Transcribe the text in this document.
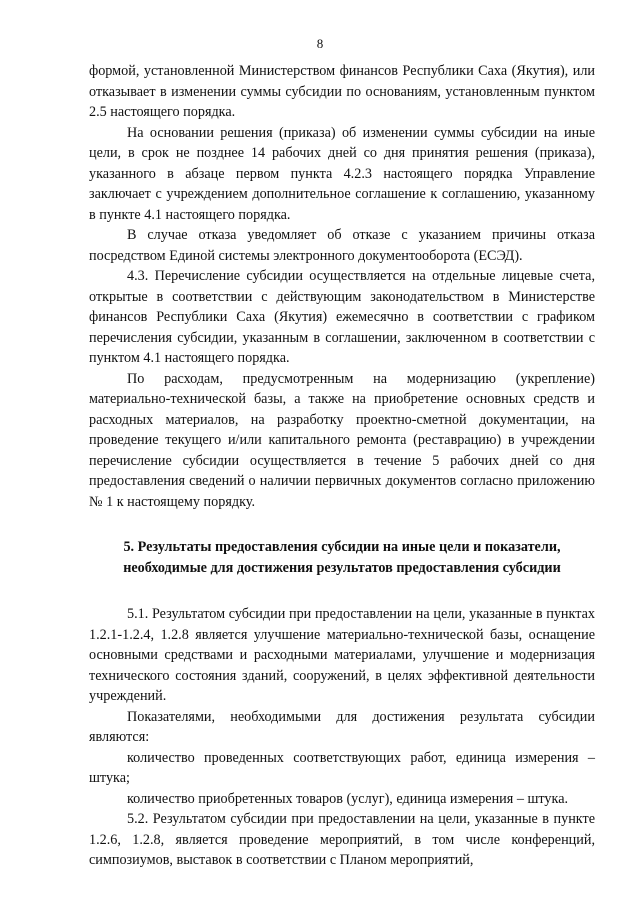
8

формой, установленной Министерством финансов Республики Саха (Якутия), или отказывает в изменении суммы субсидии по основаниям, установленным пунктом 2.5 настоящего порядка.

На основании решения (приказа) об изменении суммы субсидии на иные цели, в срок не позднее 14 рабочих дней со дня принятия решения (приказа), указанного в абзаце первом пункта 4.2.3 настоящего порядка Управление заключает с учреждением дополнительное соглашение к соглашению, указанному в пункте 4.1 настоящего порядка.

В случае отказа уведомляет об отказе с указанием причины отказа посредством Единой системы электронного документооборота (ЕСЭД).

4.3. Перечисление субсидии осуществляется на отдельные лицевые счета, открытые в соответствии с действующим законодательством в Министерстве финансов Республики Саха (Якутия) ежемесячно в соответствии с графиком перечисления субсидии, указанным в соглашении, заключенном в соответствии с пунктом 4.1 настоящего порядка.

По расходам, предусмотренным на модернизацию (укрепление) материально-технической базы, а также на приобретение основных средств и расходных материалов, на разработку проектно-сметной документации, на проведение текущего и/или капитального ремонта (реставрацию) в учреждении перечисление субсидии осуществляется в течение 5 рабочих дней со дня предоставления сведений о наличии первичных документов согласно приложению № 1 к настоящему порядку.

5. Результаты предоставления субсидии на иные цели и показатели,
необходимые для достижения результатов предоставления субсидии

5.1. Результатом субсидии при предоставлении на цели, указанные в пунктах 1.2.1-1.2.4, 1.2.8 является улучшение материально-технической базы, оснащение основными средствами и расходными материалами, улучшение и модернизация технического состояния зданий, сооружений, в целях эффективной деятельности учреждений.

Показателями, необходимыми для достижения результата субсидии являются:

количество проведенных соответствующих работ, единица измерения – штука;

количество приобретенных товаров (услуг), единица измерения – штука.

5.2. Результатом субсидии при предоставлении на цели, указанные в пункте 1.2.6, 1.2.8, является проведение мероприятий, в том числе конференций, симпозиумов, выставок в соответствии с Планом мероприятий,
